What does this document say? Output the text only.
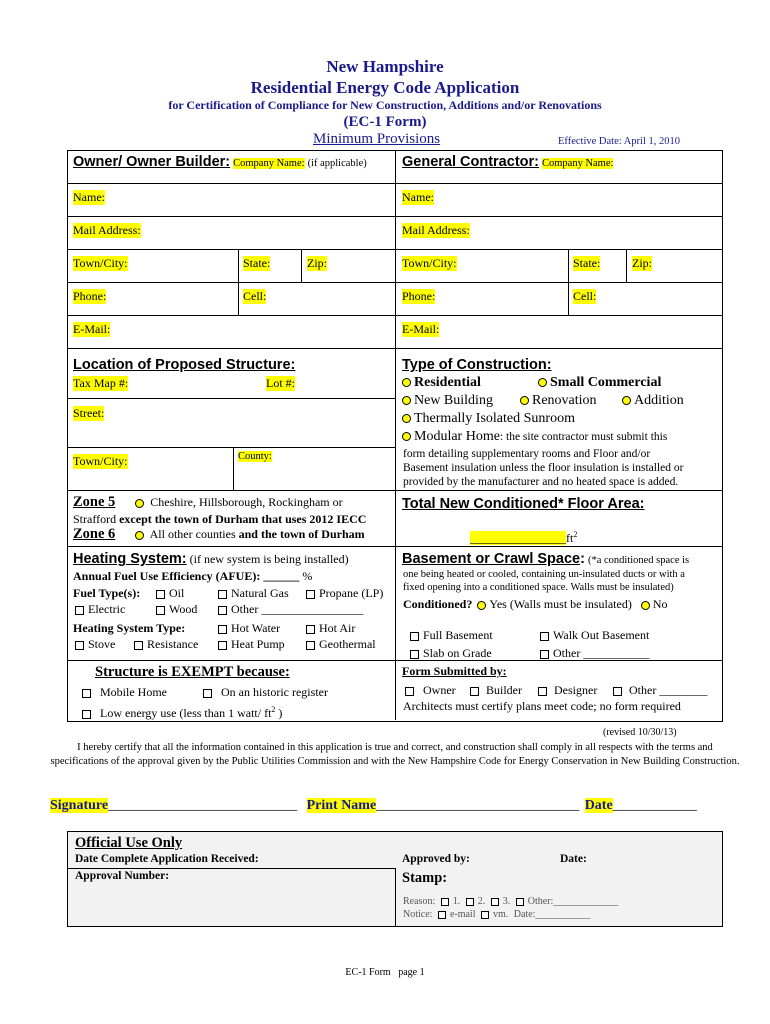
New Hampshire
Residential Energy Code Application
for Certification of Compliance for New Construction, Additions and/or Renovations
(EC-1 Form)
Minimum Provisions	Effective Date: April 1, 2010
Owner/ Owner Builder: Company Name: (if applicable)
Name:
Mail Address:
Town/City:	State:	Zip:
Phone:	Cell:
E-Mail:
General Contractor: Company Name:
Name:
Mail Address:
Town/City:	State:	Zip:
Phone:	Cell:
E-Mail:
Location of Proposed Structure:
Tax Map #:	Lot #:
Street:
Town/City:	County:
Type of Construction:
Residential	Small Commercial
New Building	Renovation	Addition
Thermally Isolated Sunroom
Modular Home: the site contractor must submit this
form detailing supplementary rooms and Floor and/or
Basement insulation unless the floor insulation is installed or
provided by the manufacturer and no heated space is added.
Zone 5	Cheshire, Hillsborough, Rockingham or
Strafford except the town of Durham that uses 2012 IECC
Zone 6	All other counties and the town of Durham
Total New Conditioned* Floor Area:
$\_\_\_\_\_\_\_\_\_\_\_\_\_\_\_\_ft^2$
Heating System: (if new system is being installed)
Annual Fuel Use Efficiency (AFUE): ______ %
Fuel Type(s):	Oil	Natural Gas	Propane (LP)
Electric	Wood	Other _________________
Heating System Type:	Hot Water	Hot Air
Stove	Resistance	Heat Pump	Geothermal
Basement or Crawl Space: (*a conditioned space is
one being heated or cooled, containing un-insulated ducts or with a
fixed opening into a conditioned space. Walls must be insulated)
Conditioned? Yes (Walls must be insulated) No
Full Basement	Walk Out Basement
Slab on Grade	Other ___________
Structure is EXEMPT because:
Mobile Home	On an historic register
Low energy use (less than 1 watt/ $ft^2$ )
Form Submitted by:
Owner	Builder	Designer	Other ________
Architects must certify plans meet code; no form required
(revised 10/30/13)
I hereby certify that all the information contained in this application is true and correct, and construction shall comply in all respects with the terms and specifications of the approval given by the Public Utilities Commission and with the New Hampshire Code for Energy Conservation in New Building Construction.
Signature___________________________ Print Name_____________________________ Date____________
Official Use Only
Date Complete Application Received:	Approved by:	Date:
Approval Number:	Stamp:
Reason: 1. 2. 3. Other:_____________
Notice: e-mail vm. Date:___________
EC-1 Form   page 1
